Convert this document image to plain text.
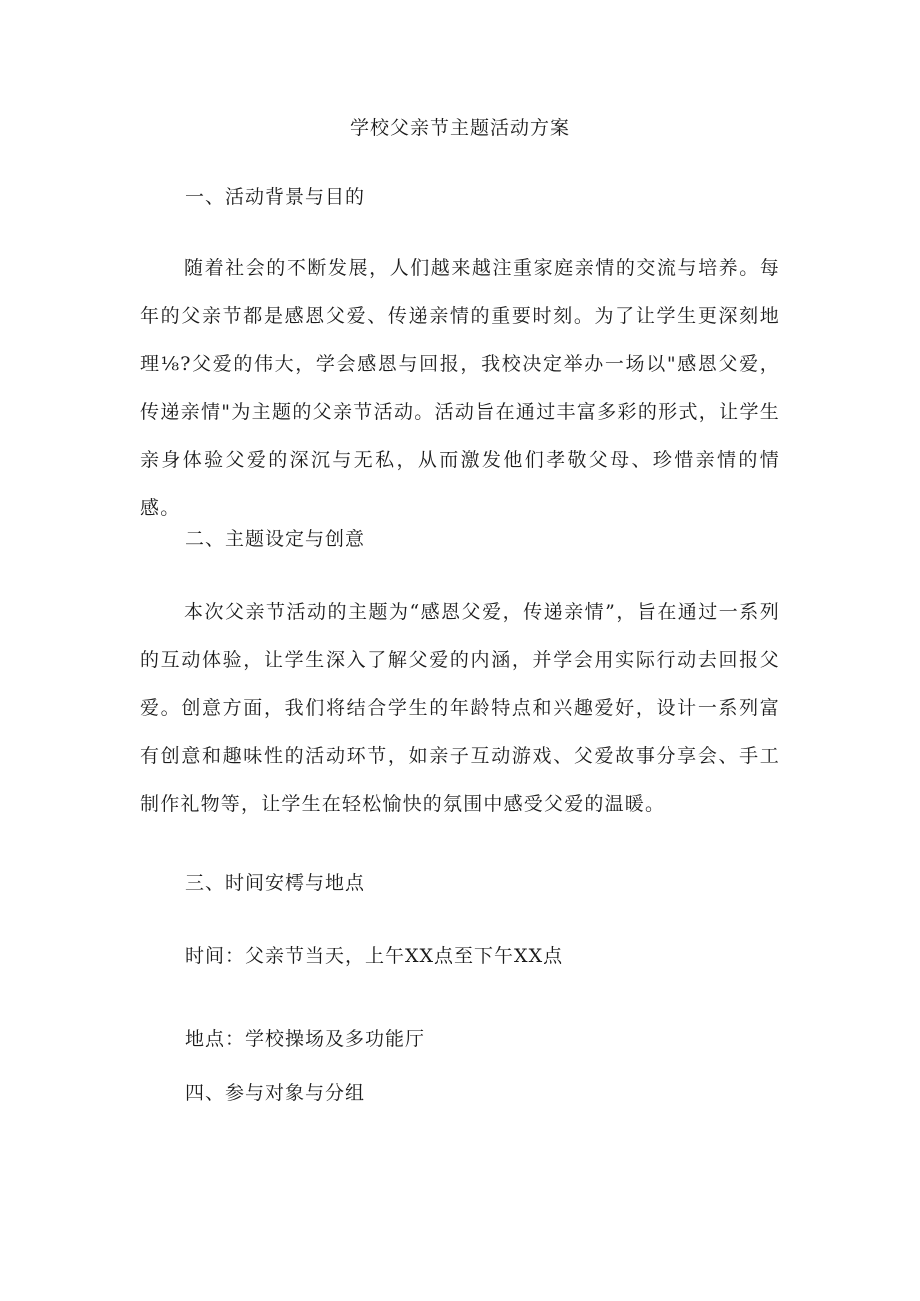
学校父亲节主题活动方案
一、活动背景与目的
随着社会的不断发展，人们越来越注重家庭亲情的交流与培养。每年的父亲节都是感恩父爱、传递亲情的重要时刻。为了让学生更深刻地理⅛?父爱的伟大，学会感恩与回报，我校决定举办一场以"感恩父爱，传递亲情"为主题的父亲节活动。活动旨在通过丰富多彩的形式，让学生亲身体验父爱的深沉与无私，从而激发他们孝敬父母、珍惜亲情的情感。
二、主题设定与创意
本次父亲节活动的主题为“感恩父爱，传递亲情”，旨在通过一系列的互动体验，让学生深入了解父爱的内涵，并学会用实际行动去回报父爱。创意方面，我们将结合学生的年龄特点和兴趣爱好，设计一系列富有创意和趣味性的活动环节，如亲子互动游戏、父爱故事分享会、手工制作礼物等，让学生在轻松愉快的氛围中感受父爱的温暖。
三、时间安樗与地点
时间：父亲节当天，上午XX点至下午XX点
地点：学校操场及多功能厅
四、参与对象与分组
